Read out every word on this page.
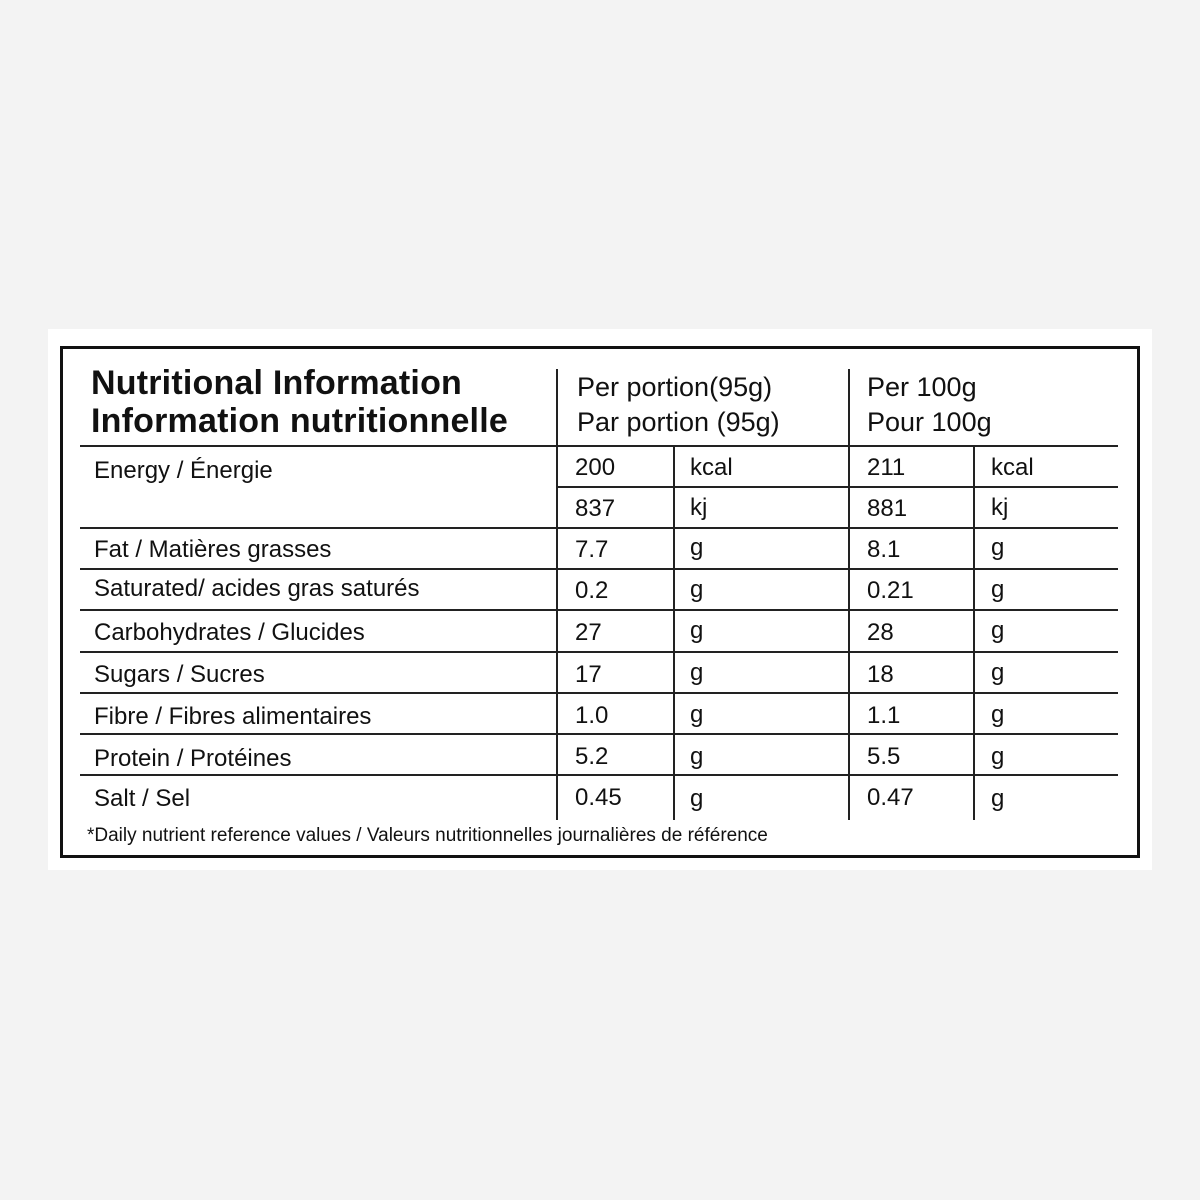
Nutritional Information
Information nutritionnelle
Per portion(95g)
Par portion (95g)
Per 100g
Pour 100g
Energy / Énergie	200	kcal	211	kcal
837	kj	881	kj
Fat / Matières grasses	7.7	g	8.1	g
Saturated/ acides gras saturés	0.2	g	0.21	g
Carbohydrates / Glucides	27	g	28	g
Sugars / Sucres	17	g	18	g
Fibre / Fibres alimentaires	1.0	g	1.1	g
Protein / Protéines	5.2	g	5.5	g
Salt / Sel	0.45	g	0.47	g
*Daily nutrient reference values / Valeurs nutritionnelles journalières de référence
